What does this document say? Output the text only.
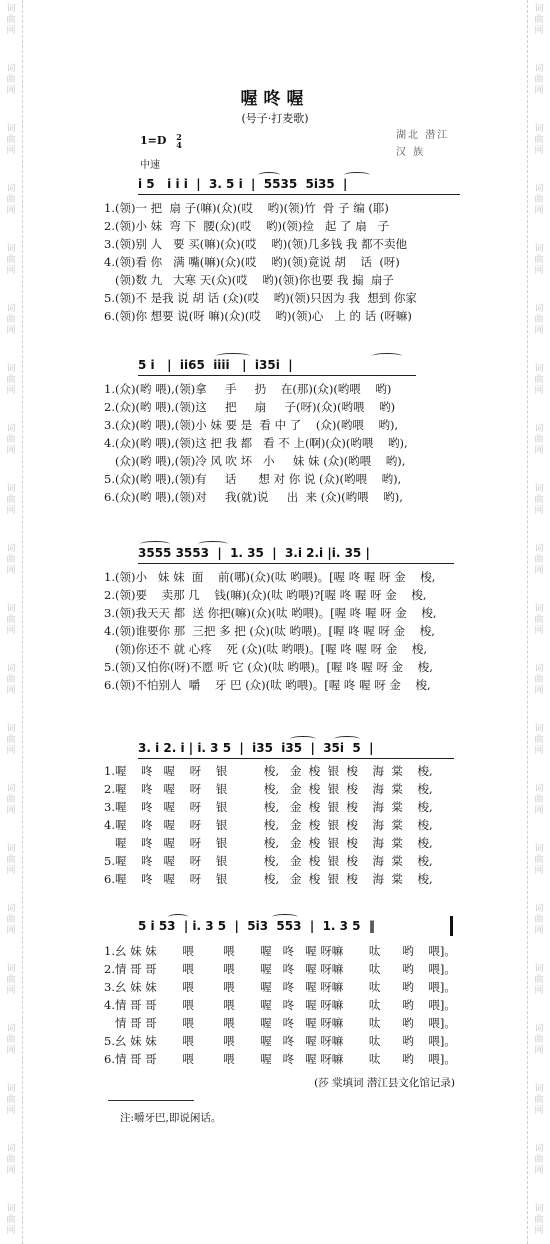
词
曲
网
词
曲
网
词
曲
网
词
曲
网
词
曲
网
词
曲
网
词
曲
网
词
曲
网
词
曲
网
词
曲
网
词
曲
网
词
曲
网
词
曲
网
词
曲
网
词
曲
网
词
曲
网
词
曲
网
词
曲
网
词
曲
网
词
曲
网
词
曲
网
词
曲
网
词
曲
网
词
曲
网
词
曲
网
词
曲
网
词
曲
网
词
曲
网
词
曲
网
词
曲
网
词
曲
网
词
曲
网
词
曲
网
词
曲
网
词
曲
网
词
曲
网
词
曲
网
词
曲
网
词
曲
网
词
曲
网
词
曲
网
词
曲
网
喔咚喔
(号子·打麦歌)
1=D 2
4
中速
湖北 潜江
汉 族
i 5   i i i  |  3. 5 i  |  5535  5i35  |
1.(领)一 把  扇 子(嘛)(众)(哎    哟)(领)竹  骨 子 编 (耶)
2.(领)小 妹  弯 下  腰(众)(哎    哟)(领)捡   起 了 扇   子
3.(领)别 人   要 买(嘛)(众)(哎    哟)(领)几多钱 我 都不卖他
4.(领)看 你   满 嘴(嘛)(众)(哎    哟)(领)竟说 胡    话  (呀)
(领)数 九   大寒 天(众)(哎    哟)(领)你也要 我 搧  扇子
5.(领)不 是我 说 胡 话 (众)(哎    哟)(领)只因为 我  想到 你家
6.(领)你 想要 说(呀 嘛)(众)(哎    哟)(领)心   上 的 话 (呀嘛)
5 i   |  ii65  iiii   |  i35i  |
1.(众)(哟 喂),(领)拿     手     扔    在(那)(众)(哟喂    哟)
2.(众)(哟 喂),(领)这     把     扇     子(呀)(众)(哟喂    哟)
3.(众)(哟 喂),(领)小 妹 要 是  看 中 了    (众)(哟喂    哟),
4.(众)(哟 喂),(领)这 把 我 都   看 不 上(啊)(众)(哟喂    哟),
(众)(哟 喂),(领)冷 风 吹 坏   小     妹 妹 (众)(哟喂    哟),
5.(众)(哟 喂),(领)有     话      想 对 你 说 (众)(哟喂    哟),
6.(众)(哟 喂),(领)对     我(就)说     出  来 (众)(哟喂    哟),
3555 3553  |  1. 35  |  3.i 2.i |i. 35 |
1.(领)小   妹 妹  面    前(哪)(众)(呔 哟喂)。[喔 咚 喔 呀 金    梭,
2.(领)要    卖那 几    钱(嘛)(众)(呔 哟喂)?[喔 咚 喔 呀 金    梭,
3.(领)我天天 都  送 你把(嘛)(众)(呔 哟喂)。[喔 咚 喔 呀 金    梭,
4.(领)谁要你 那  三把 多 把 (众)(呔 哟喂)。[喔 咚 喔 呀 金    梭,
(领)你还不 就 心疼    死 (众)(呔 哟喂)。[喔 咚 喔 呀 金    梭,
5.(领)又怕你(呀)不愿 听 它 (众)(呔 哟喂)。[喔 咚 喔 呀 金    梭,
6.(领)不怕别人  嚼    牙 巴 (众)(呔 哟喂)。[喔 咚 喔 呀 金    梭,
3. i 2. i | i. 3 5  |  i35  i35  |  35i  5  |
1.喔    咚   喔    呀    银          梭,   金  梭  银  梭    海  棠    梭,
2.喔    咚   喔    呀    银          梭,   金  梭  银  梭    海  棠    梭,
3.喔    咚   喔    呀    银          梭,   金  梭  银  梭    海  棠    梭,
4.喔    咚   喔    呀    银          梭,   金  梭  银  梭    海  棠    梭,
喔    咚   喔    呀    银          梭,   金  梭  银  梭    海  棠    梭,
5.喔    咚   喔    呀    银          梭,   金  梭  银  梭    海  棠    梭,
6.喔    咚   喔    呀    银          梭,   金  梭  银  梭    海  棠    梭,
5 i 53  | i. 3 5  |  5i3  553  |  1. 3 5  ‖
1.幺 妹 妹       喂        喂       喔   咚   喔 呀嘛       呔      哟    喂]。
2.情 哥 哥       喂        喂       喔   咚   喔 呀嘛       呔      哟    喂]。
3.幺 妹 妹       喂        喂       喔   咚   喔 呀嘛       呔      哟    喂]。
4.情 哥 哥       喂        喂       喔   咚   喔 呀嘛       呔      哟    喂]。
情 哥 哥       喂        喂       喔   咚   喔 呀嘛       呔      哟    喂]。
5.幺 妹 妹       喂        喂       喔   咚   喔 呀嘛       呔      哟    喂]。
6.情 哥 哥       喂        喂       喔   咚   喔 呀嘛       呔      哟    喂]。
(莎 棠填词 潜江县文化馆记录)
注:嚼牙巴,即说闲话。
